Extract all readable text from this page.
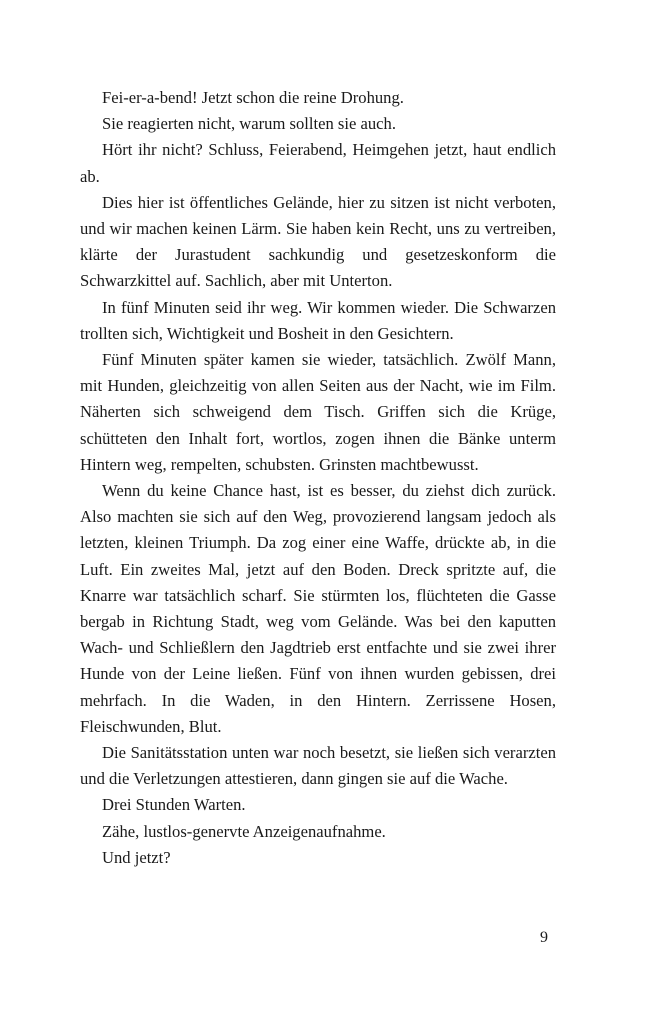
Fei-er-a-bend! Jetzt schon die reine Drohung.

Sie reagierten nicht, warum sollten sie auch.

Hört ihr nicht? Schluss, Feierabend, Heimgehen jetzt, haut endlich ab.

Dies hier ist öffentliches Gelände, hier zu sitzen ist nicht verboten, und wir machen keinen Lärm. Sie haben kein Recht, uns zu vertreiben, klärte der Jurastudent sachkundig und gesetzeskonform die Schwarzkittel auf. Sachlich, aber mit Unterton.

In fünf Minuten seid ihr weg. Wir kommen wieder. Die Schwarzen trollten sich, Wichtigkeit und Bosheit in den Gesichtern.

Fünf Minuten später kamen sie wieder, tatsächlich. Zwölf Mann, mit Hunden, gleichzeitig von allen Seiten aus der Nacht, wie im Film. Näherten sich schweigend dem Tisch. Griffen sich die Krüge, schütteten den Inhalt fort, wortlos, zogen ihnen die Bänke unterm Hintern weg, rempelten, schubsten. Grinsten machtbewusst.

Wenn du keine Chance hast, ist es besser, du ziehst dich zurück. Also machten sie sich auf den Weg, provozierend langsam jedoch als letzten, kleinen Triumph. Da zog einer eine Waffe, drückte ab, in die Luft. Ein zweites Mal, jetzt auf den Boden. Dreck spritzte auf, die Knarre war tatsächlich scharf. Sie stürmten los, flüchteten die Gasse bergab in Richtung Stadt, weg vom Gelände. Was bei den kaputten Wach- und Schließlern den Jagdtrieb erst entfachte und sie zwei ihrer Hunde von der Leine ließen. Fünf von ihnen wurden gebissen, drei mehrfach. In die Waden, in den Hintern. Zerrissene Hosen, Fleischwunden, Blut.

Die Sanitätsstation unten war noch besetzt, sie ließen sich verarzten und die Verletzungen attestieren, dann gingen sie auf die Wache.

Drei Stunden Warten.

Zähe, lustlos-genervte Anzeigenaufnahme.

Und jetzt?

9
